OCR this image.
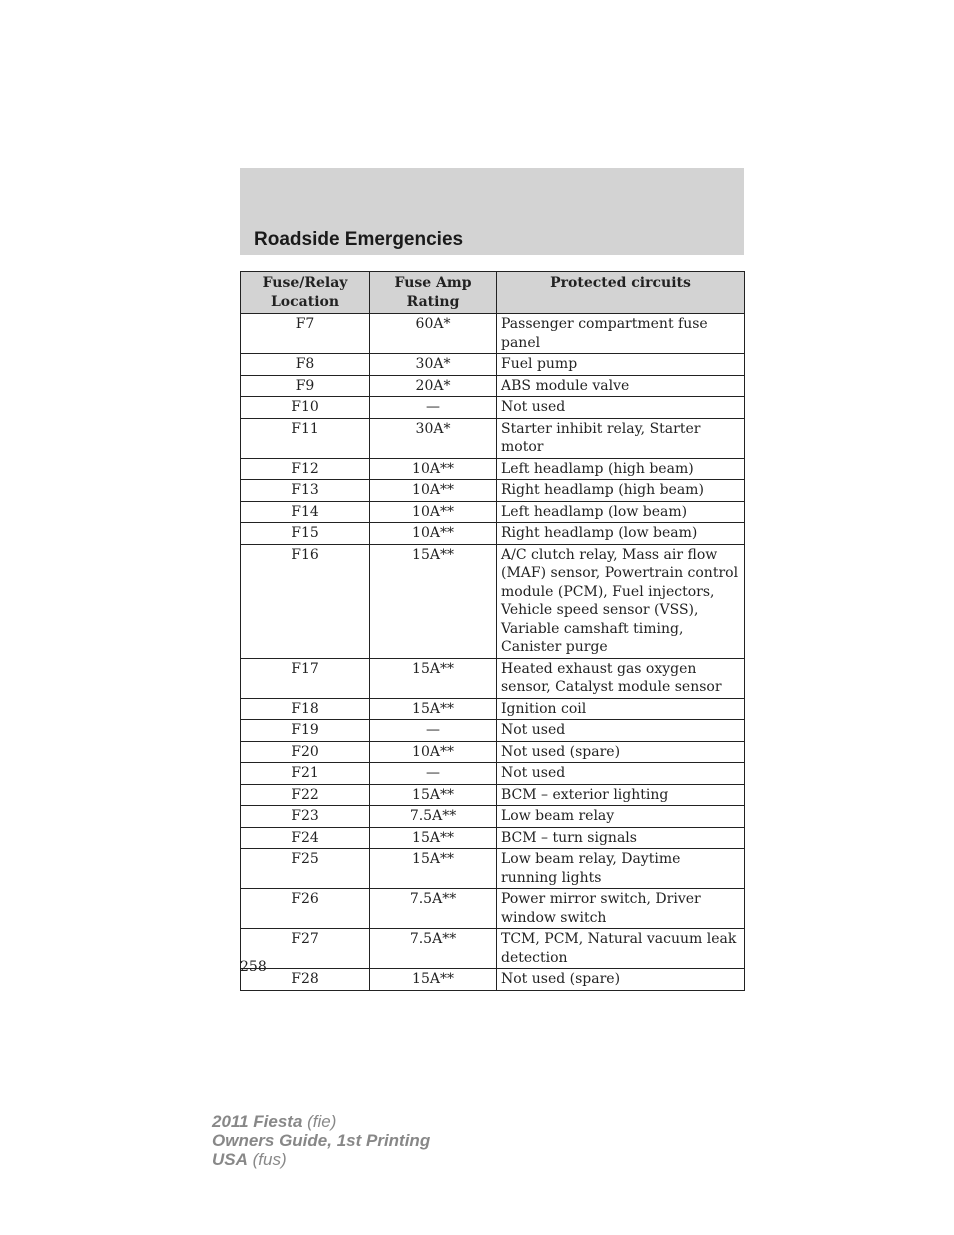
Roadside Emergencies
Fuse/Relay Location	Fuse Amp Rating	Protected circuits
F7	60A*	Passenger compartment fuse panel
F8	30A*	Fuel pump
F9	20A*	ABS module valve
F10	—	Not used
F11	30A*	Starter inhibit relay, Starter motor
F12	10A**	Left headlamp (high beam)
F13	10A**	Right headlamp (high beam)
F14	10A**	Left headlamp (low beam)
F15	10A**	Right headlamp (low beam)
F16	15A**	A/C clutch relay, Mass air flow (MAF) sensor, Powertrain control module (PCM), Fuel injectors, Vehicle speed sensor (VSS), Variable camshaft timing, Canister purge
F17	15A**	Heated exhaust gas oxygen sensor, Catalyst module sensor
F18	15A**	Ignition coil
F19	—	Not used
F20	10A**	Not used (spare)
F21	—	Not used
F22	15A**	BCM – exterior lighting
F23	7.5A**	Low beam relay
F24	15A**	BCM – turn signals
F25	15A**	Low beam relay, Daytime running lights
F26	7.5A**	Power mirror switch, Driver window switch
F27	7.5A**	TCM, PCM, Natural vacuum leak detection
F28	15A**	Not used (spare)
258
2011 Fiesta (fie)
Owners Guide, 1st Printing
USA (fus)
